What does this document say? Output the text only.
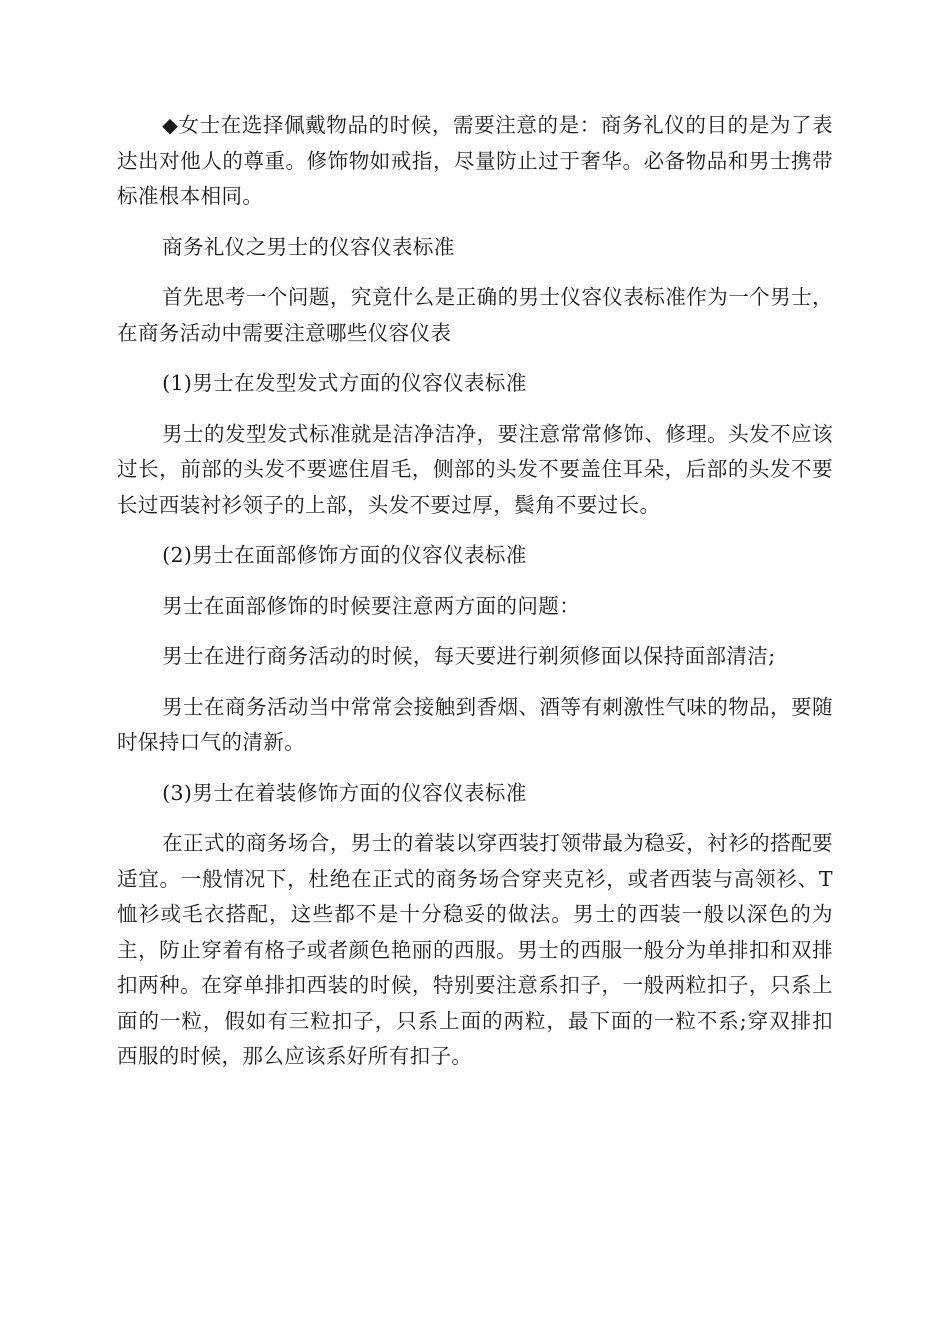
◆女士在选择佩戴物品的时候，需要注意的是：商务礼仪的目的是为了表达出对他人的尊重。修饰物如戒指，尽量防止过于奢华。必备物品和男士携带标准根本相同。

商务礼仪之男士的仪容仪表标准

首先思考一个问题，究竟什么是正确的男士仪容仪表标准作为一个男士，在商务活动中需要注意哪些仪容仪表

(1)男士在发型发式方面的仪容仪表标准

男士的发型发式标准就是洁净洁净，要注意常常修饰、修理。头发不应该过长，前部的头发不要遮住眉毛，侧部的头发不要盖住耳朵，后部的头发不要长过西装衬衫领子的上部，头发不要过厚，鬓角不要过长。

(2)男士在面部修饰方面的仪容仪表标准

男士在面部修饰的时候要注意两方面的问题：

男士在进行商务活动的时候，每天要进行剃须修面以保持面部清洁;

男士在商务活动当中常常会接触到香烟、酒等有刺激性气味的物品，要随时保持口气的清新。

(3)男士在着装修饰方面的仪容仪表标准

在正式的商务场合，男士的着装以穿西装打领带最为稳妥，衬衫的搭配要适宜。一般情况下，杜绝在正式的商务场合穿夹克衫，或者西装与高领衫、T恤衫或毛衣搭配，这些都不是十分稳妥的做法。男士的西装一般以深色的为主，防止穿着有格子或者颜色艳丽的西服。男士的西服一般分为单排扣和双排扣两种。在穿单排扣西装的时候，特别要注意系扣子，一般两粒扣子，只系上面的一粒，假如有三粒扣子，只系上面的两粒，最下面的一粒不系;穿双排扣西服的时候，那么应该系好所有扣子。
